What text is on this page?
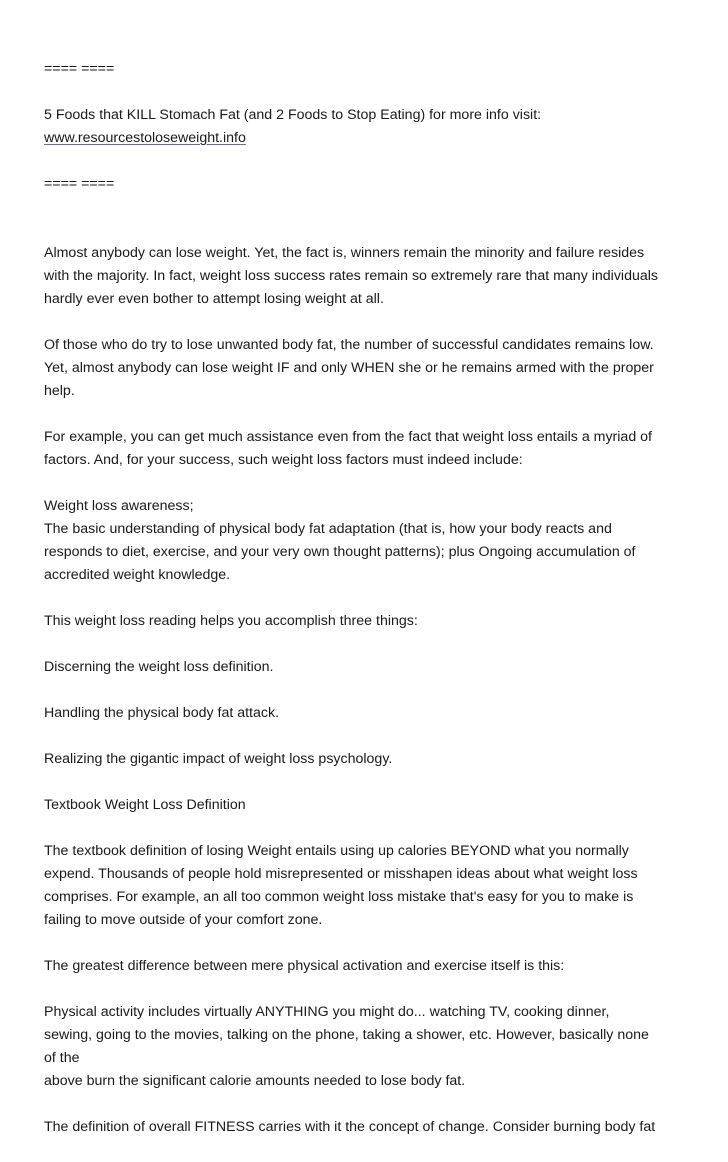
==== ====
5 Foods that KILL Stomach Fat (and 2 Foods to Stop Eating) for more info visit:
www.resourcestoloseweight.info
==== ====
Almost anybody can lose weight. Yet, the fact is, winners remain the minority and failure resides
with the majority. In fact, weight loss success rates remain so extremely rare that many individuals
hardly ever even bother to attempt losing weight at all.
Of those who do try to lose unwanted body fat, the number of successful candidates remains low.
Yet, almost anybody can lose weight IF and only WHEN she or he remains armed with the proper
help.
For example, you can get much assistance even from the fact that weight loss entails a myriad of
factors. And, for your success, such weight loss factors must indeed include:
Weight loss awareness;
The basic understanding of physical body fat adaptation (that is, how your body reacts and
responds to diet, exercise, and your very own thought patterns); plus Ongoing accumulation of
accredited weight knowledge.
This weight loss reading helps you accomplish three things:
Discerning the weight loss definition.
Handling the physical body fat attack.
Realizing the gigantic impact of weight loss psychology.
Textbook Weight Loss Definition
The textbook definition of losing Weight entails using up calories BEYOND what you normally
expend. Thousands of people hold misrepresented or misshapen ideas about what weight loss
comprises. For example, an all too common weight loss mistake that's easy for you to make is
failing to move outside of your comfort zone.
The greatest difference between mere physical activation and exercise itself is this:
Physical activity includes virtually ANYTHING you might do... watching TV, cooking dinner,
sewing, going to the movies, talking on the phone, taking a shower, etc. However, basically none
of the
above burn the significant calorie amounts needed to lose body fat.
The definition of overall FITNESS carries with it the concept of change. Consider burning body fat
